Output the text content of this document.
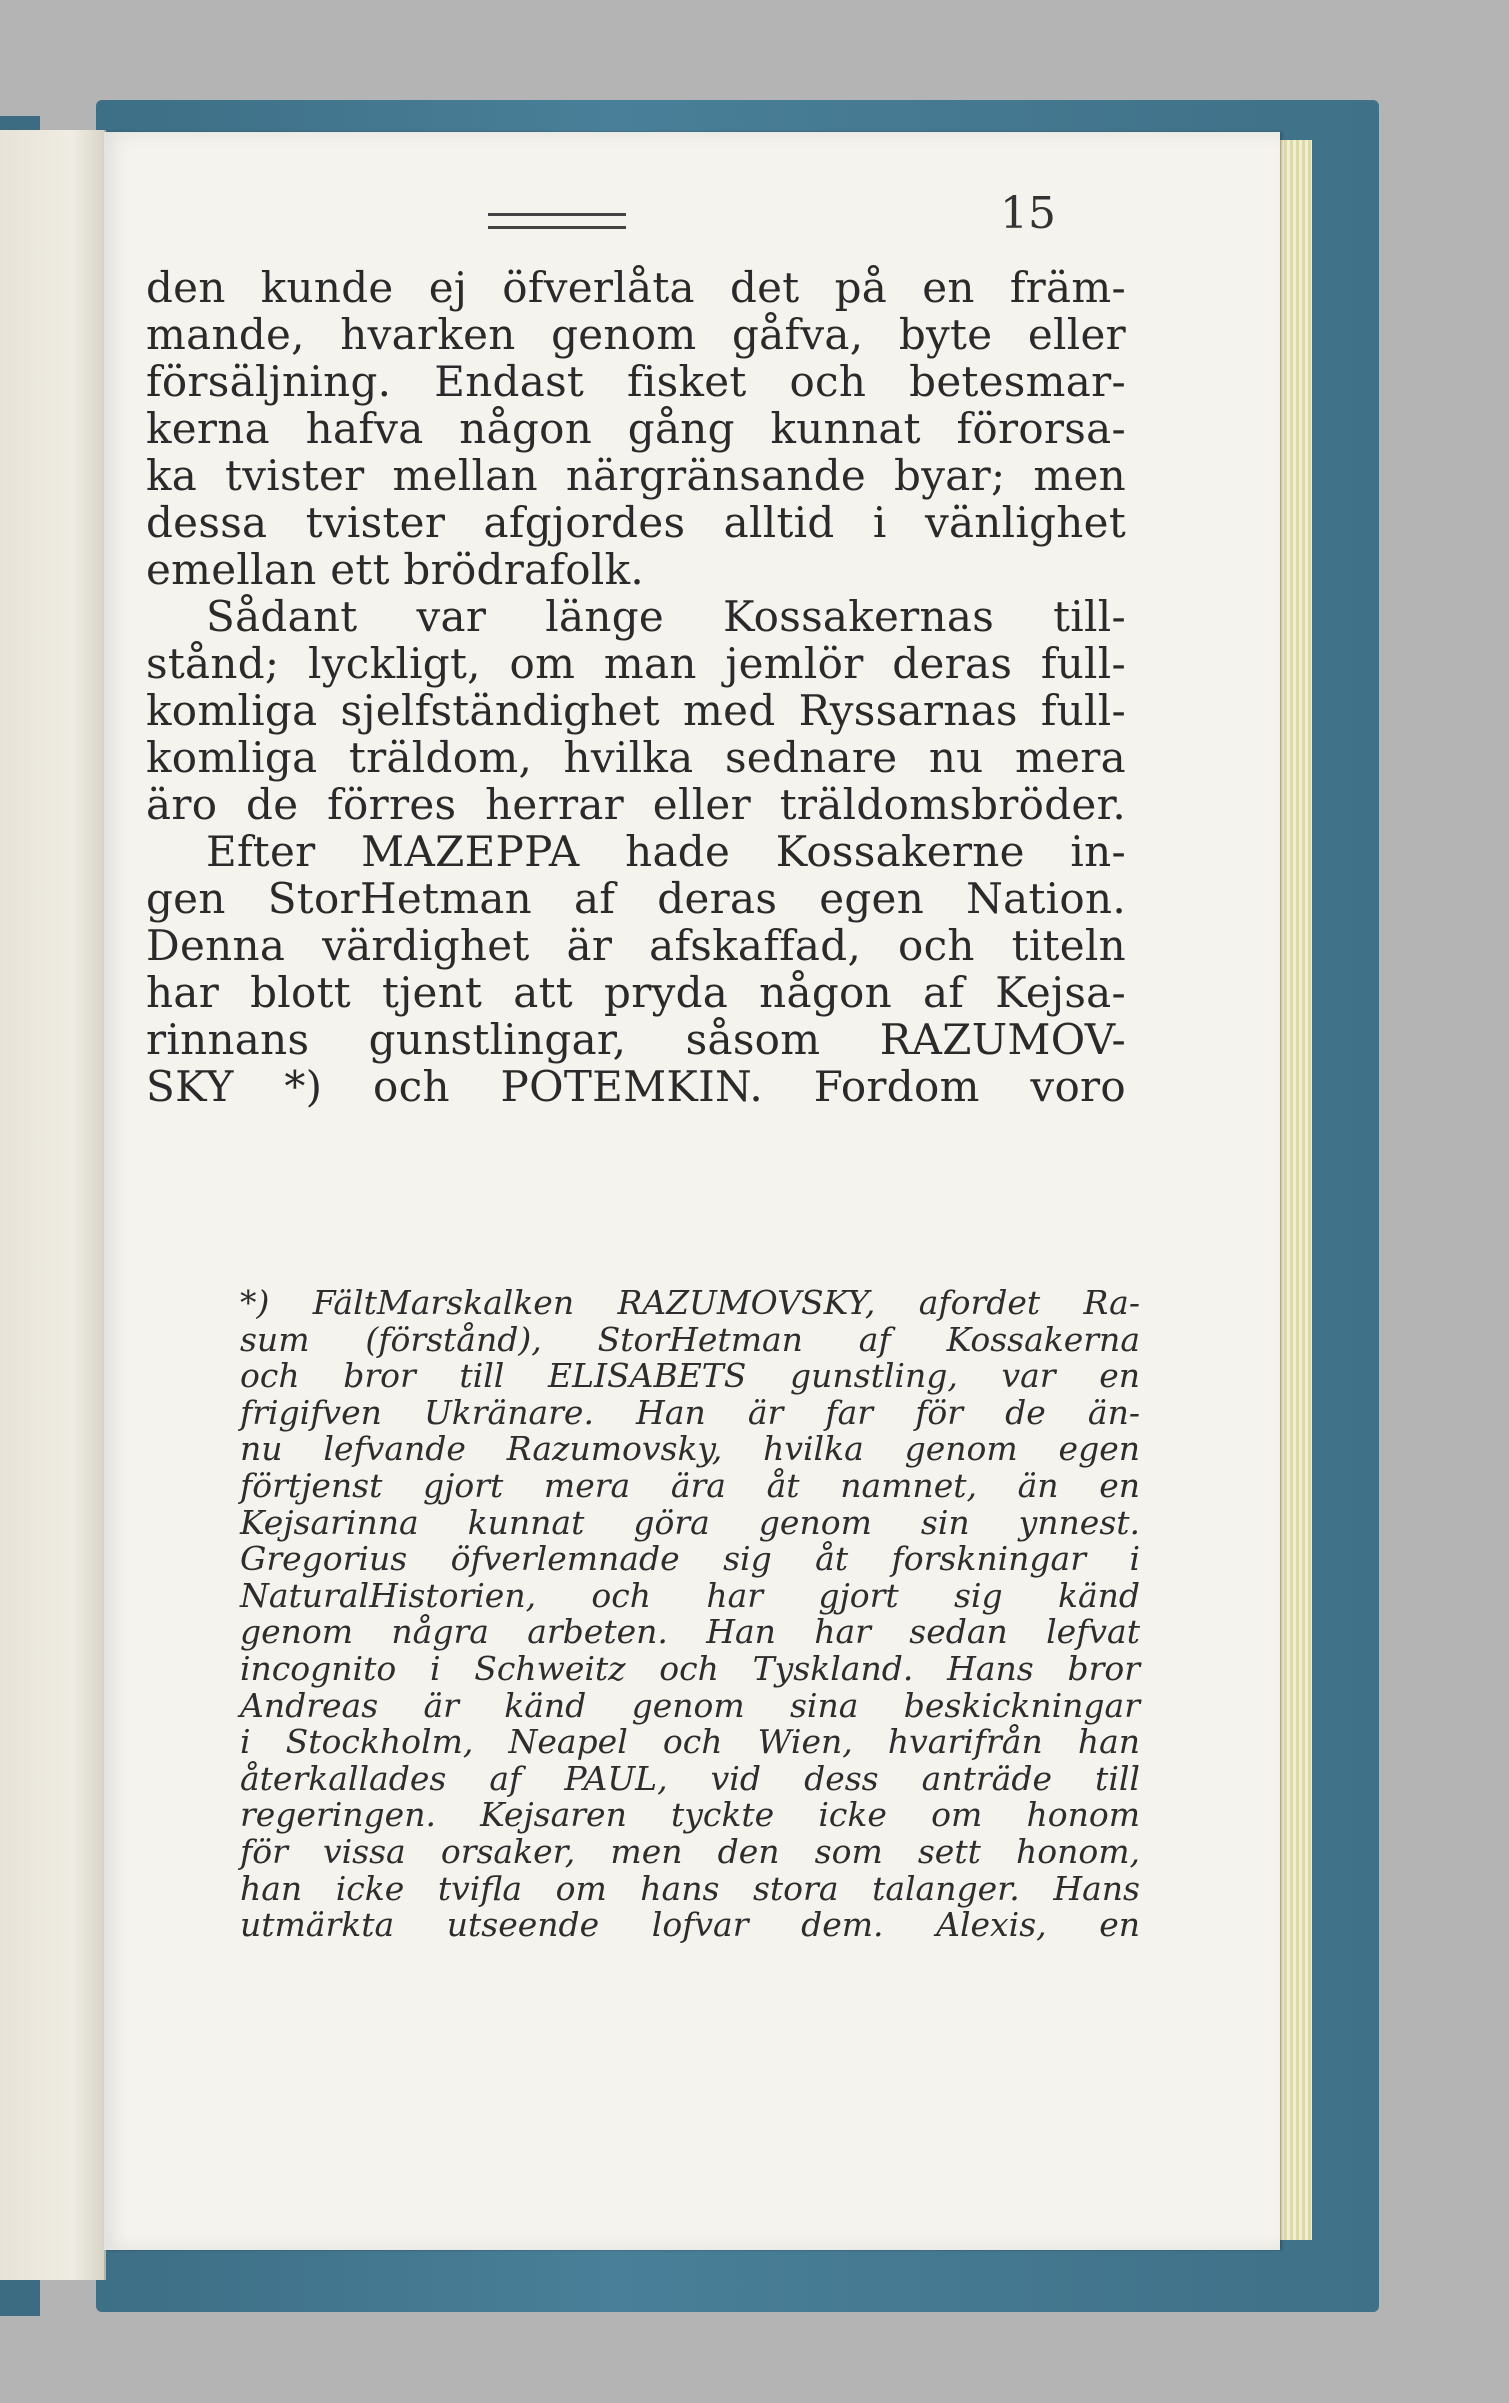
15
den kunde ej öfverlåta det på en främ-
mande, hvarken genom gåfva, byte eller
försäljning. Endast fisket och betesmar-
kerna hafva någon gång kunnat förorsa-
ka tvister mellan närgränsande byar; men
dessa tvister afgjordes alltid i vänlighet
emellan ett brödrafolk.
Sådant var länge Kossakernas till-
stånd; lyckligt, om man jemlör deras full-
komliga sjelfständighet med Ryssarnas full-
komliga träldom, hvilka sednare nu mera
äro de förres herrar eller träldomsbröder.
Efter MAZEPPA hade Kossakerne in-
gen StorHetman af deras egen Nation.
Denna värdighet är afskaffad, och titeln
har blott tjent att pryda någon af Kejsa-
rinnans gunstlingar, såsom RAZUMOV-
SKY *) och POTEMKIN. Fordom voro
*) FältMarskalken RAZUMOVSKY, afordet Ra-
sum (förstånd), StorHetman af Kossakerna
och bror till ELISABETS gunstling, var en
frigifven Ukränare. Han är far för de än-
nu lefvande Razumovsky, hvilka genom egen
förtjenst gjort mera ära åt namnet, än en
Kejsarinna kunnat göra genom sin ynnest.
Gregorius öfverlemnade sig åt forskningar i
NaturalHistorien, och har gjort sig känd
genom några arbeten. Han har sedan lefvat
incognito i Schweitz och Tyskland. Hans bror
Andreas är känd genom sina beskickningar
i Stockholm, Neapel och Wien, hvarifrån han
återkallades af PAUL, vid dess anträde till
regeringen. Kejsaren tyckte icke om honom
för vissa orsaker, men den som sett honom,
han icke tvifla om hans stora talanger. Hans
utmärkta utseende lofvar dem. Alexis, en
